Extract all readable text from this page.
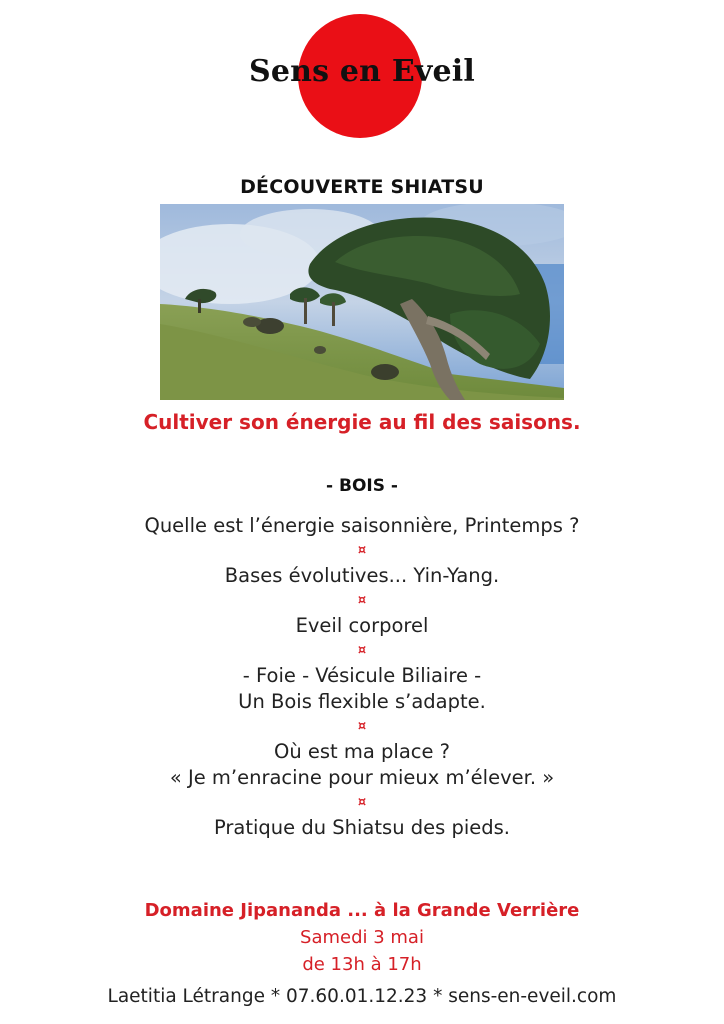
Sens en Eveil
DÉCOUVERTE SHIATSU
Cultiver son énergie au fil des saisons.
- BOIS -
Quelle est l’énergie saisonnière, Printemps ?
¤
Bases évolutives... Yin-Yang.
¤
Eveil corporel
¤
- Foie - Vésicule Biliaire -
Un Bois flexible s’adapte.
¤
Où est ma place ?
« Je m’enracine pour mieux m’élever. »
¤
Pratique du Shiatsu des pieds.
Domaine Jipananda ... à la Grande Verrière
Samedi 3 mai
de 13h à 17h
Laetitia Létrange * 07.60.01.12.23 * sens-en-eveil.com
